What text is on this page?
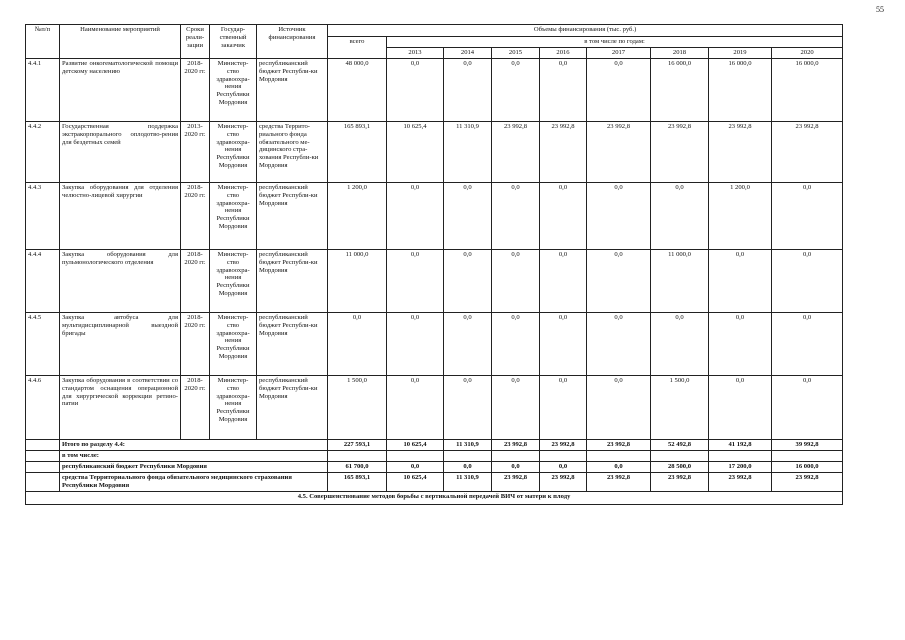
55
№п/п	Наименование мероприятий	Сроки реали-зации	Государ-ственный заказчик	Источник финансирования	Объемы финансирования (тыс. руб.)								
					всего	в том числе по годам:							
						2013	2014	2015	2016	2017	2018	2019	2020
4.4.1	Развитие онкогематологической помощи детскому населению	2018-2020 гг.	Министер-ство здравоохра-нения Республики Мордовия	республиканский бюджет Республи-ки Мордовия	48 000,0	0,0	0,0	0,0	0,0	0,0	16 000,0	16 000,0	16 000,0
4.4.2	Государственная поддержка экстракорпорального оплодотво-рения для бездетных семей	2013-2020 гг.	Министер-ство здравоохра-нения Республики Мордовия	средства Террито-риального фонда обязательного ме-дицинского стра-хования Республи-ки Мордовия	165 893,1	10 625,4	11 310,9	23 992,8	23 992,8	23 992,8	23 992,8	23 992,8	23 992,8
4.4.3	Закупка оборудования для отделения челюстно-лицевой хирургии	2018-2020 гг.	Министер-ство здравоохра-нения Республики Мордовия	республиканский бюджет Республи-ки Мордовия	1 200,0	0,0	0,0	0,0	0,0	0,0	0,0	1 200,0	0,0
4.4.4	Закупка оборудования для пульмонологического отделения	2018-2020 гг.	Министер-ство здравоохра-нения Республики Мордовия	республиканский бюджет Республи-ки Мордовия	11 000,0	0,0	0,0	0,0	0,0	0,0	11 000,0	0,0	0,0
4.4.5	Закупка автобуса для мультидисциплинарной выездной бригады	2018-2020 гг.	Министер-ство здравоохра-нения Республики Мордовия	республиканский бюджет Республи-ки Мордовия	0,0	0,0	0,0	0,0	0,0	0,0	0,0	0,0	0,0
4.4.6	Закупка оборудования в соответствии со стандартом оснащения операционной для хирургической коррекции ретино-патии	2018-2020 гг.	Министер-ство здравоохра-нения Республики Мордовия	республиканский бюджет Республи-ки Мордовия	1 500,0	0,0	0,0	0,0	0,0	0,0	1 500,0	0,0	0,0
	Итого по разделу 4.4:				227 593,1	10 625,4	11 310,9	23 992,8	23 992,8	23 992,8	52 492,8	41 192,8	39 992,8
	в том числе:												
	республиканский бюджет Республики Мордовия				61 700,0	0,0	0,0	0,0	0,0	0,0	28 500,0	17 200,0	16 000,0
	средства Территориального фонда обязательного медицинского страхования Республики Мордовия				165 893,1	10 625,4	11 310,9	23 992,8	23 992,8	23 992,8	23 992,8	23 992,8	23 992,8
4.5. Совершенствование методов борьбы с вертикальной передачей ВИЧ от матери к плоду													
